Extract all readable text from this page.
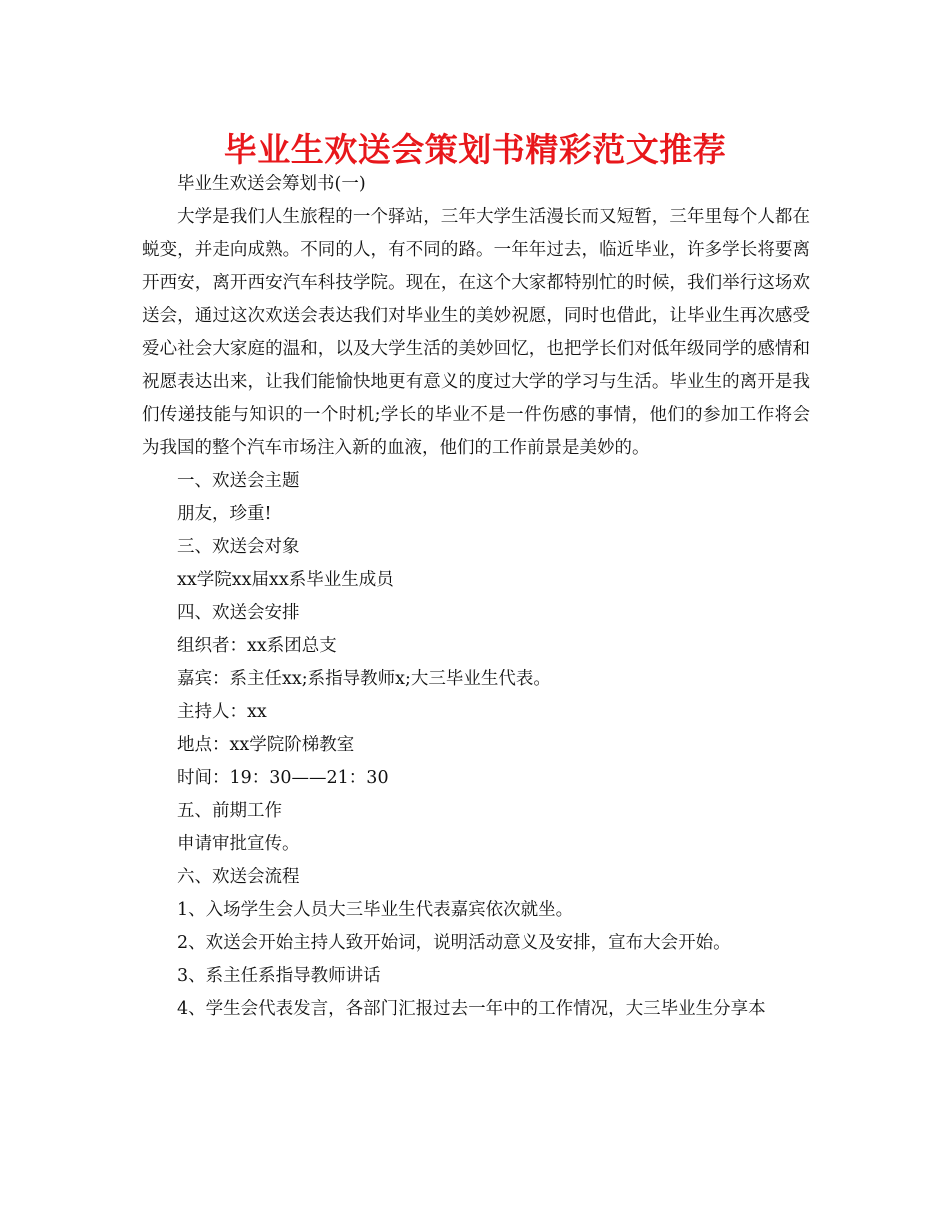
毕业生欢送会策划书精彩范文推荐

毕业生欢送会筹划书(一)

大学是我们人生旅程的一个驿站，三年大学生活漫长而又短暂，三年里每个人都在蜕变，并走向成熟。不同的人，有不同的路。一年年过去，临近毕业，许多学长将要离开西安，离开西安汽车科技学院。现在，在这个大家都特别忙的时候，我们举行这场欢送会，通过这次欢送会表达我们对毕业生的美妙祝愿，同时也借此，让毕业生再次感受爱心社会大家庭的温和，以及大学生活的美妙回忆，也把学长们对低年级同学的感情和祝愿表达出来，让我们能愉快地更有意义的度过大学的学习与生活。毕业生的离开是我们传递技能与知识的一个时机;学长的毕业不是一件伤感的事情，他们的参加工作将会为我国的整个汽车市场注入新的血液，他们的工作前景是美妙的。

一、欢送会主题

朋友，珍重!

三、欢送会对象

xx学院xx届xx系毕业生成员

四、欢送会安排

组织者：xx系团总支

嘉宾：系主任xx;系指导教师x;大三毕业生代表。

主持人：xx

地点：xx学院阶梯教室

时间：19：30——21：30

五、前期工作

申请审批宣传。

六、欢送会流程

1、入场学生会人员大三毕业生代表嘉宾依次就坐。

2、欢送会开始主持人致开始词，说明活动意义及安排，宣布大会开始。

3、系主任系指导教师讲话

4、学生会代表发言，各部门汇报过去一年中的工作情况，大三毕业生分享本
